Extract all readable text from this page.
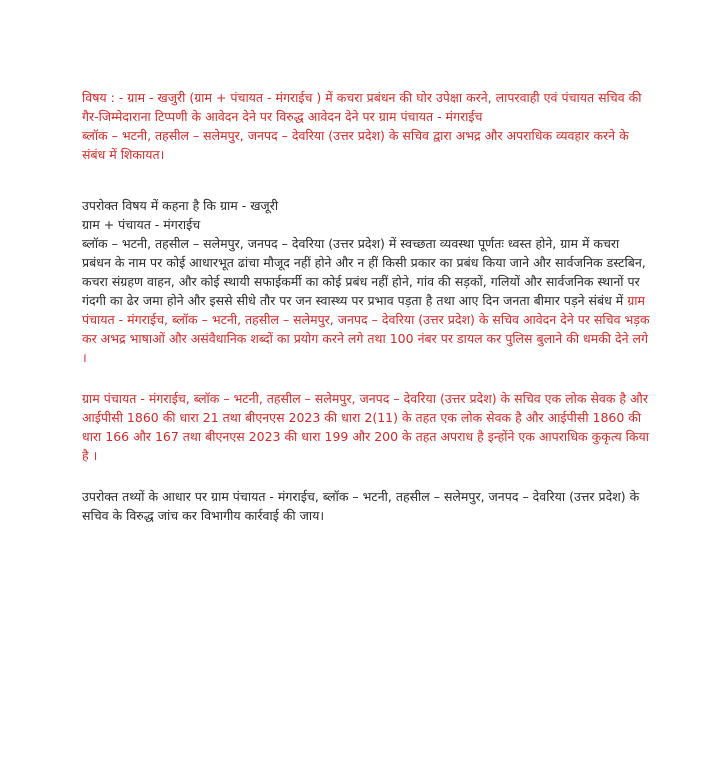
विषय : - ग्राम - खजुरी (ग्राम + पंचायत - मंगराईच ) में कचरा प्रबंधन की घोर उपेक्षा करने, लापरवाही एवं पंचायत सचिव की गैर-जिम्मेदाराना टिप्पणी के आवेदन देने पर विरुद्ध आवेदन देने पर ग्राम पंचायत - मंगराईच
ब्लॉक – भटनी, तहसील – सलेमपुर, जनपद – देवरिया (उत्तर प्रदेश) के सचिव द्वारा अभद्र और अपराधिक व्यवहार करने के संबंध में शिकायत।

उपरोक्त विषय में कहना है कि ग्राम - खजूरी
ग्राम + पंचायत - मंगराईच
ब्लॉक – भटनी, तहसील – सलेमपुर, जनपद – देवरिया (उत्तर प्रदेश) में स्वच्छता व्यवस्था पूर्णतः ध्वस्त होने, ग्राम में कचरा प्रबंधन के नाम पर कोई आधारभूत ढांचा मौजूद नहीं होने और न हीं किसी प्रकार का प्रबंध किया जाने और सार्वजनिक डस्टबिन, कचरा संग्रहण वाहन, और कोई स्थायी सफाईकर्मी का कोई प्रबंध नहीं होने, गांव की सड़कों, गलियों और सार्वजनिक स्थानों पर गंदगी का ढेर जमा होने और इससे सीधे तौर पर जन स्वास्थ्य पर प्रभाव पड़ता है तथा आए दिन जनता बीमार पड़ने संबंध में ग्राम पंचायत - मंगराईच, ब्लॉक – भटनी, तहसील – सलेमपुर, जनपद – देवरिया (उत्तर प्रदेश) के सचिव आवेदन देने पर सचिव भड़क कर अभद्र भाषाओं और असंवैधानिक शब्दों का प्रयोग करने लगे तथा 100 नंबर पर डायल कर पुलिस बुलाने की धमकी देने लगे ।

ग्राम पंचायत - मंगराईच, ब्लॉक – भटनी, तहसील – सलेमपुर, जनपद – देवरिया (उत्तर प्रदेश) के सचिव एक लोक सेवक है और आईपीसी 1860 की धारा 21 तथा बीएनएस 2023 की धारा 2(11) के तहत एक लोक सेवक है और आईपीसी 1860 की धारा 166 और 167 तथा बीएनएस 2023 की धारा 199 और 200 के तहत अपराध है इन्होंने एक आपराधिक कुकृत्य किया है ।

उपरोक्त तथ्यों के आधार पर ग्राम पंचायत - मंगराईच, ब्लॉक – भटनी, तहसील – सलेमपुर, जनपद – देवरिया (उत्तर प्रदेश) के सचिव के विरुद्ध जांच कर विभागीय कार्रवाई की जाय।
